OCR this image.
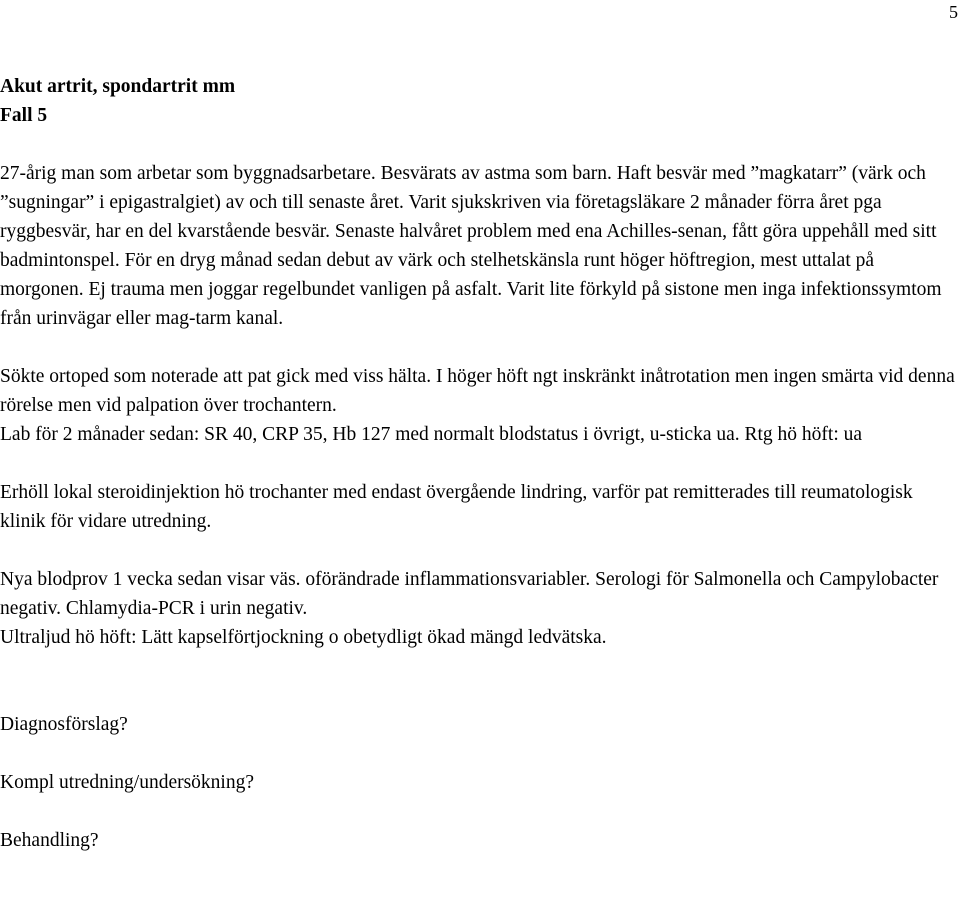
5

Akut artrit, spondartrit mm

Fall 5

27-årig man som arbetar som byggnadsarbetare. Besvärats av astma som barn. Haft besvär med ”magkatarr” (värk och ”sugningar” i epigastralgiet) av och till senaste året. Varit sjukskriven via företagsläkare 2 månader förra året pga ryggbesvär, har en del kvarstående besvär. Senaste halvåret problem med ena Achilles-senan, fått göra uppehåll med sitt badmintonspel. För en dryg månad sedan debut av värk och stelhetskänsla runt höger höftregion, mest uttalat på morgonen. Ej trauma men joggar regelbundet vanligen på asfalt. Varit lite förkyld på sistone men inga infektionssymtom från urinvägar eller mag-tarm kanal.

Sökte ortoped som noterade att pat gick med viss hälta. I höger höft ngt inskränkt inåtrotation men ingen smärta vid denna rörelse men vid palpation över trochantern.

Lab för 2 månader sedan: SR 40, CRP 35, Hb 127 med normalt blodstatus i övrigt, u-sticka ua. Rtg hö höft: ua

Erhöll lokal steroidinjektion hö trochanter med endast övergående lindring, varför pat remitterades till reumatologisk klinik för vidare utredning.

Nya blodprov 1 vecka sedan visar väs. oförändrade inflammationsvariabler. Serologi för Salmonella och Campylobacter negativ. Chlamydia-PCR i urin negativ.

Ultraljud hö höft: Lätt kapselförtjockning o obetydligt ökad mängd ledvätska.

Diagnosförslag?

Kompl utredning/undersökning?

Behandling?
